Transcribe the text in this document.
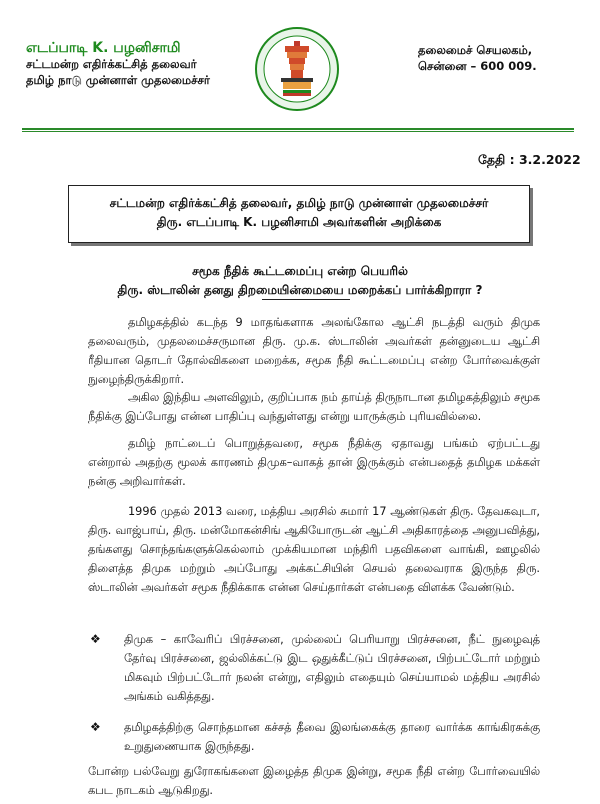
எடப்பாடி K. பழனிசாமி
சட்டமன்ற எதிர்க்கட்சித் தலைவர்
தமிழ் நாடு முன்னாள் முதலமைச்சர்
தலைமைச் செயலகம்,
சென்னை – 600 009.
தேதி : 3.2.2022
சட்டமன்ற எதிர்க்கட்சித் தலைவர், தமிழ் நாடு முன்னாள் முதலமைச்சர்
திரு. எடப்பாடி K. பழனிசாமி அவர்களின் அறிக்கை
சமூக நீதிக் கூட்டமைப்பு என்ற பெயரில்
திரு. ஸ்டாலின் தனது திறமையின்மையை மறைக்கப் பார்க்கிறாரா ?
தமிழகத்தில் கடந்த 9 மாதங்களாக அலங்கோல ஆட்சி நடத்தி வரும் திமுக தலைவரும், முதலமைச்சருமான திரு. மு.க. ஸ்டாலின் அவர்கள் தன்னுடைய ஆட்சி ரீதியான தொடர் தோல்விகளை மறைக்க, சமூக நீதி கூட்டமைப்பு என்ற போர்வைக்குள் நுழைந்திருக்கிறார்.
அகில இந்திய அளவிலும், குறிப்பாக நம் தாய்த் திருநாடான தமிழகத்திலும் சமூக நீதிக்கு இப்போது என்ன பாதிப்பு வந்துள்ளது என்று யாருக்கும் புரியவில்லை.
தமிழ் நாட்டைப் பொறுத்தவரை, சமூக நீதிக்கு ஏதாவது பங்கம் ஏற்பட்டது என்றால் அதற்கு மூலக் காரணம் திமுக–வாகத் தான் இருக்கும் என்பதைத் தமிழக மக்கள் நன்கு அறிவார்கள்.
1996 முதல் 2013 வரை, மத்திய அரசில் சுமார் 17 ஆண்டுகள் திரு. தேவகவுடா, திரு. வாஜ்பாய், திரு. மன்மோகன்சிங் ஆகியோருடன் ஆட்சி அதிகாரத்தை அனுபவித்து, தங்களது சொந்தங்களுக்கெல்லாம் முக்கியமான மந்திரி பதவிகளை வாங்கி, ஊழலில் திளைத்த திமுக மற்றும் அப்போது அக்கட்சியின் செயல் தலைவராக இருந்த திரு. ஸ்டாலின் அவர்கள் சமூக நீதிக்காக என்ன செய்தார்கள் என்பதை விளக்க வேண்டும்.
❖	திமுக – காவேரிப் பிரச்சனை, முல்லைப் பெரியாறு பிரச்சனை, நீட் நுழைவுத் தேர்வு பிரச்சனை, ஜல்லிக்கட்டு இட ஒதுக்கீட்டுப் பிரச்சனை, பிற்பட்டோர் மற்றும் மிகவும் பிற்பட்டோர் நலன் என்று, எதிலும் எதையும் செய்யாமல் மத்திய அரசில் அங்கம் வகித்தது.
❖	தமிழகத்திற்கு சொந்தமான கச்சத் தீவை இலங்கைக்கு தாரை வார்க்க காங்கிரசுக்கு உறுதுணையாக இருந்தது.
போன்ற பல்வேறு துரோகங்களை இழைத்த திமுக இன்று, சமூக நீதி என்ற போர்வையில் கபட நாடகம் ஆடுகிறது.
